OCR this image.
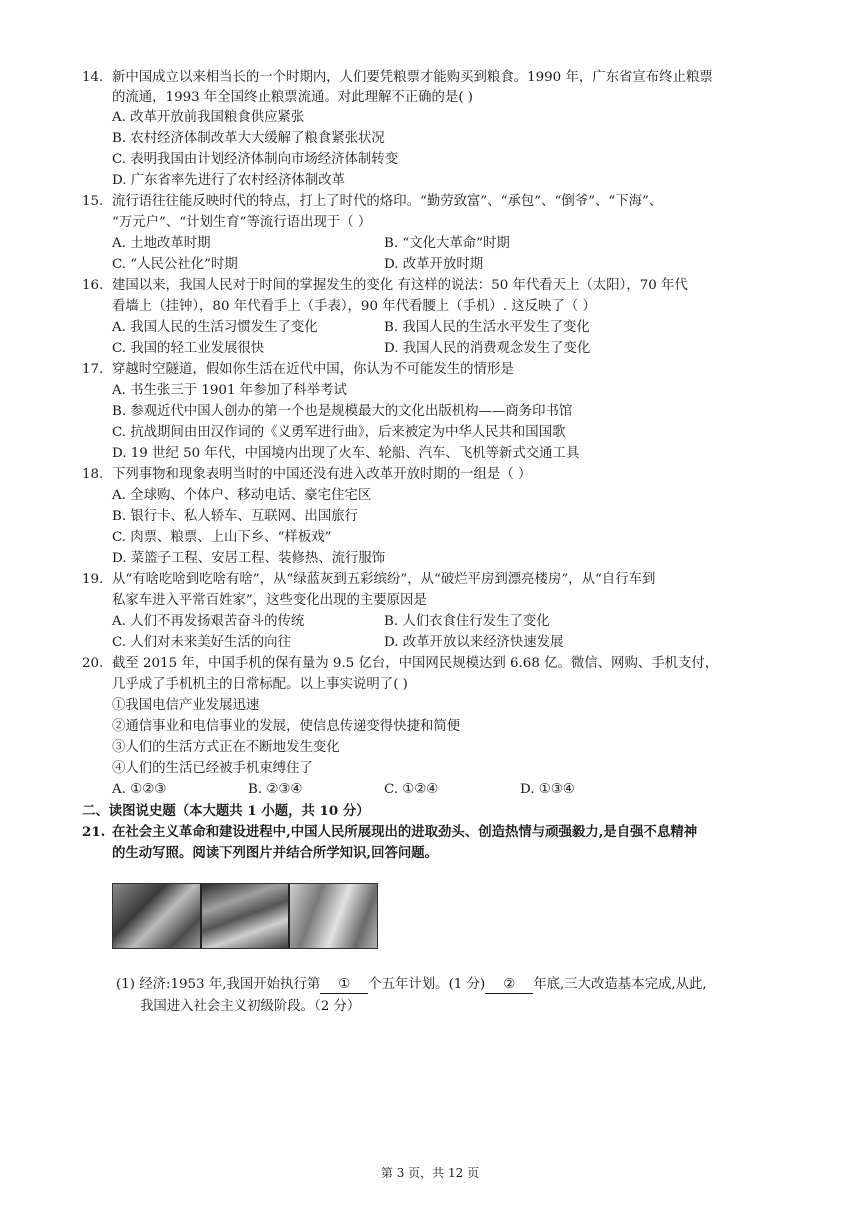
14. 新中国成立以来相当长的一个时期内，人们要凭粮票才能购买到粮食。1990 年，广东省宣布终止粮票
的流通，1993 年全国终止粮票流通。对此理解不正确的是( )
A. 改革开放前我国粮食供应紧张
B. 农村经济体制改革大大缓解了粮食紧张状况
C. 表明我国由计划经济体制向市场经济体制转变
D. 广东省率先进行了农村经济体制改革
15. 流行语往往能反映时代的特点，打上了时代的烙印。“勤劳致富”、“承包”、“倒爷”、“下海”、
“万元户”、“计划生育”等流行语出现于（ ）
A. 土地改革时期	B. “文化大革命”时期
C. “人民公社化”时期	D. 改革开放时期
16. 建国以来，我国人民对于时间的掌握发生的变化 有这样的说法：50 年代看天上（太阳），70 年代
看墙上（挂钟），80 年代看手上（手表），90 年代看腰上（手机）. 这反映了（ ）
A. 我国人民的生活习惯发生了变化	B. 我国人民的生活水平发生了变化
C. 我国的轻工业发展很快	D. 我国人民的消费观念发生了变化
17. 穿越时空隧道，假如你生活在近代中国，你认为不可能发生的情形是
A. 书生张三于 1901 年参加了科举考试
B. 参观近代中国人创办的第一个也是规模最大的文化出版机构——商务印书馆
C. 抗战期间由田汉作词的《义勇军进行曲》，后来被定为中华人民共和国国歌
D. 19 世纪 50 年代，中国境内出现了火车、轮船、汽车、飞机等新式交通工具
18. 下列事物和现象表明当时的中国还没有进入改革开放时期的一组是（ ）
A. 全球购、个体户、移动电话、豪宅住宅区
B. 银行卡、私人轿车、互联网、出国旅行
C. 肉票、粮票、上山下乡、“样板戏”
D. 菜篮子工程、安居工程、装修热、流行服饰
19. 从“有啥吃啥到吃啥有啥”，从“绿蓝灰到五彩缤纷”，从“破烂平房到漂亮楼房”，从“自行车到
私家车进入平常百姓家”，这些变化出现的主要原因是
A. 人们不再发扬艰苦奋斗的传统	B. 人们衣食住行发生了变化
C. 人们对未来美好生活的向往	D. 改革开放以来经济快速发展
20. 截至 2015 年，中国手机的保有量为 9.5 亿台，中国网民规模达到 6.68 亿。微信、网购、手机支付，
几乎成了手机机主的日常标配。以上事实说明了( )
①我国电信产业发展迅速
②通信事业和电信事业的发展，使信息传递变得快捷和简便
③人们的生活方式正在不断地发生变化
④人们的生活已经被手机束缚住了
A. ①②③	B. ②③④	C. ①②④	D. ①③④
二、读图说史题（本大题共 1 小题，共 10 分）
21. 在社会主义革命和建设进程中,中国人民所展现出的进取劲头、创造热情与顽强毅力,是自强不息精神
的生动写照。阅读下列图片并结合所学知识,回答问题。
(1) 经济:1953 年,我国开始执行第 ① 个五年计划。(1 分) ② 年底,三大改造基本完成,从此,
我国进入社会主义初级阶段。（2 分）
第 3 页，共 12 页
